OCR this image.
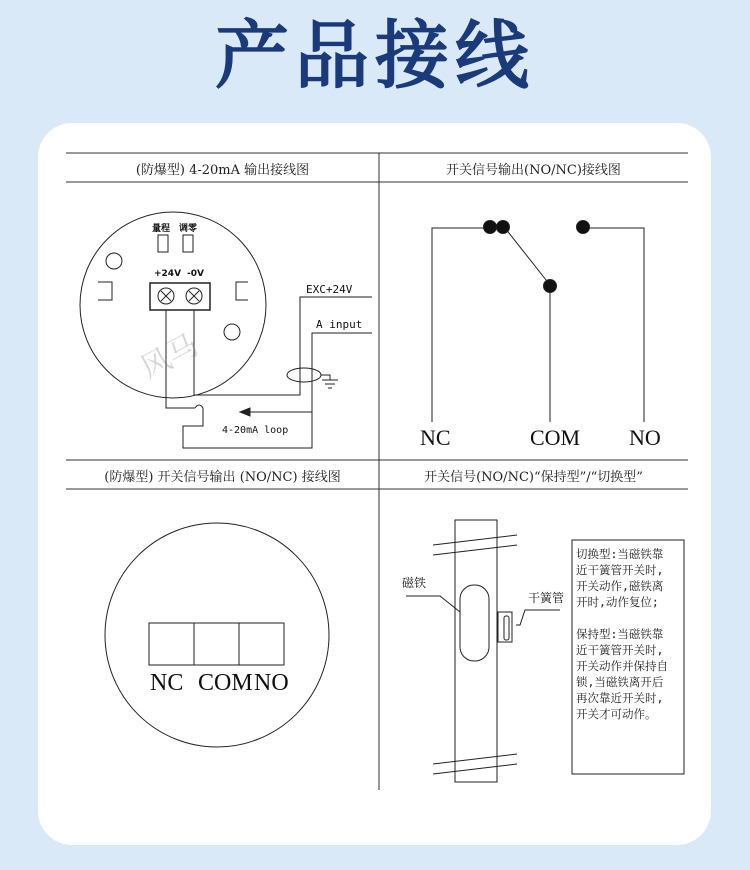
产品接线
(防爆型) 4-20mA 输出接线图
量程 调零
+24V -0V
EXC+24V
A input
4-20mA loop
风马
开关信号输出(NO/NC)接线图
NC	COM NO
(防爆型) 开关信号输出 (NO/NC) 接线图
NC COM NO
开关信号(NO/NC)“保持型”/“切换型”
磁铁
干簧管
切换型:当磁铁靠
近干簧管开关时,
开关动作,磁铁离
开时,动作复位;

保持型:当磁铁靠
近干簧管开关时,
开关动作并保持自
锁,当磁铁离开后
再次靠近开关时,
开关才可动作。
